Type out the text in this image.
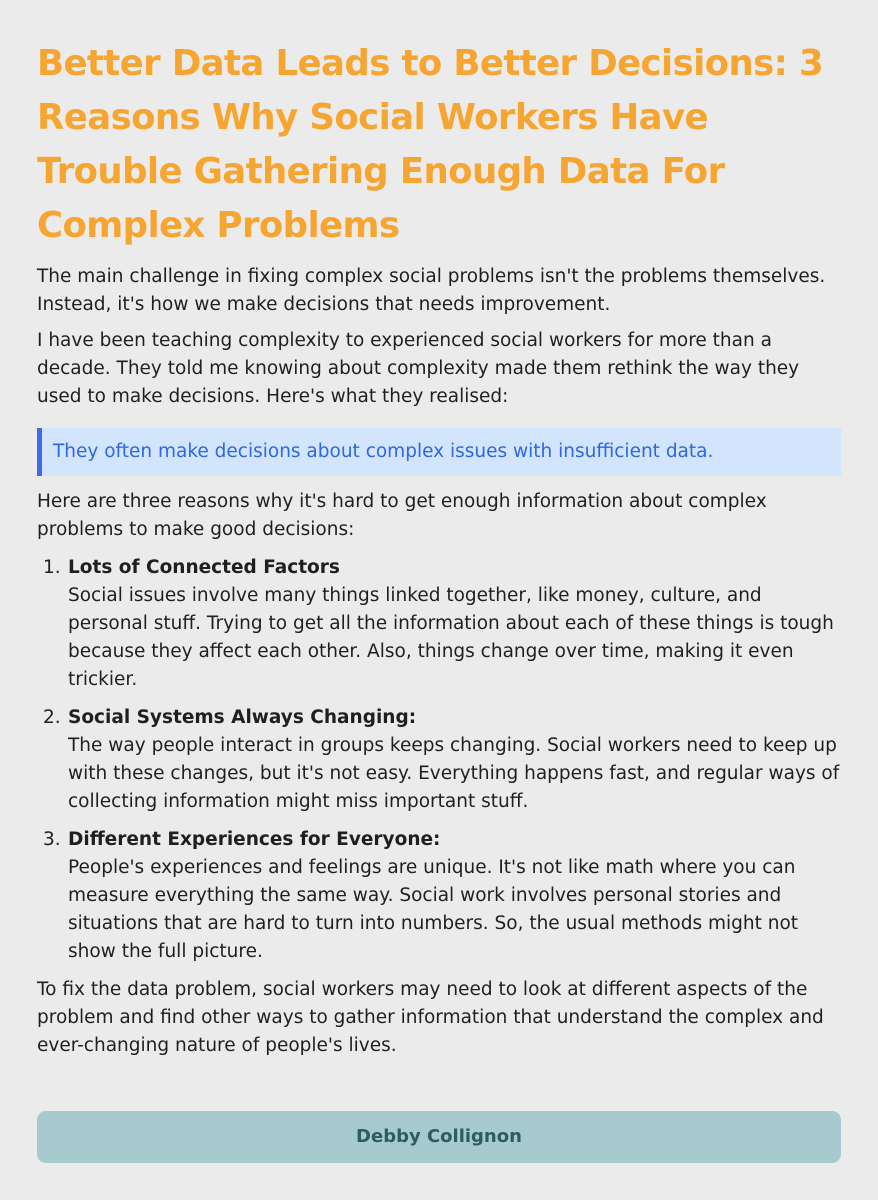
Better Data Leads to Better Decisions: 3 Reasons Why Social Workers Have Trouble Gathering Enough Data For Complex Problems

The main challenge in fixing complex social problems isn't the problems themselves. Instead, it's how we make decisions that needs improvement.

I have been teaching complexity to experienced social workers for more than a decade. They told me knowing about complexity made them rethink the way they used to make decisions. Here's what they realised:

They often make decisions about complex issues with insufficient data.

Here are three reasons why it's hard to get enough information about complex problems to make good decisions:

1. Lots of Connected Factors
Social issues involve many things linked together, like money, culture, and personal stuff. Trying to get all the information about each of these things is tough because they affect each other. Also, things change over time, making it even trickier.
2. Social Systems Always Changing:
The way people interact in groups keeps changing. Social workers need to keep up with these changes, but it's not easy. Everything happens fast, and regular ways of collecting information might miss important stuff.
3. Different Experiences for Everyone:
People's experiences and feelings are unique. It's not like math where you can measure everything the same way. Social work involves personal stories and situations that are hard to turn into numbers. So, the usual methods might not show the full picture.

To fix the data problem, social workers may need to look at different aspects of the problem and find other ways to gather information that understand the complex and ever-changing nature of people's lives.

Debby Collignon
